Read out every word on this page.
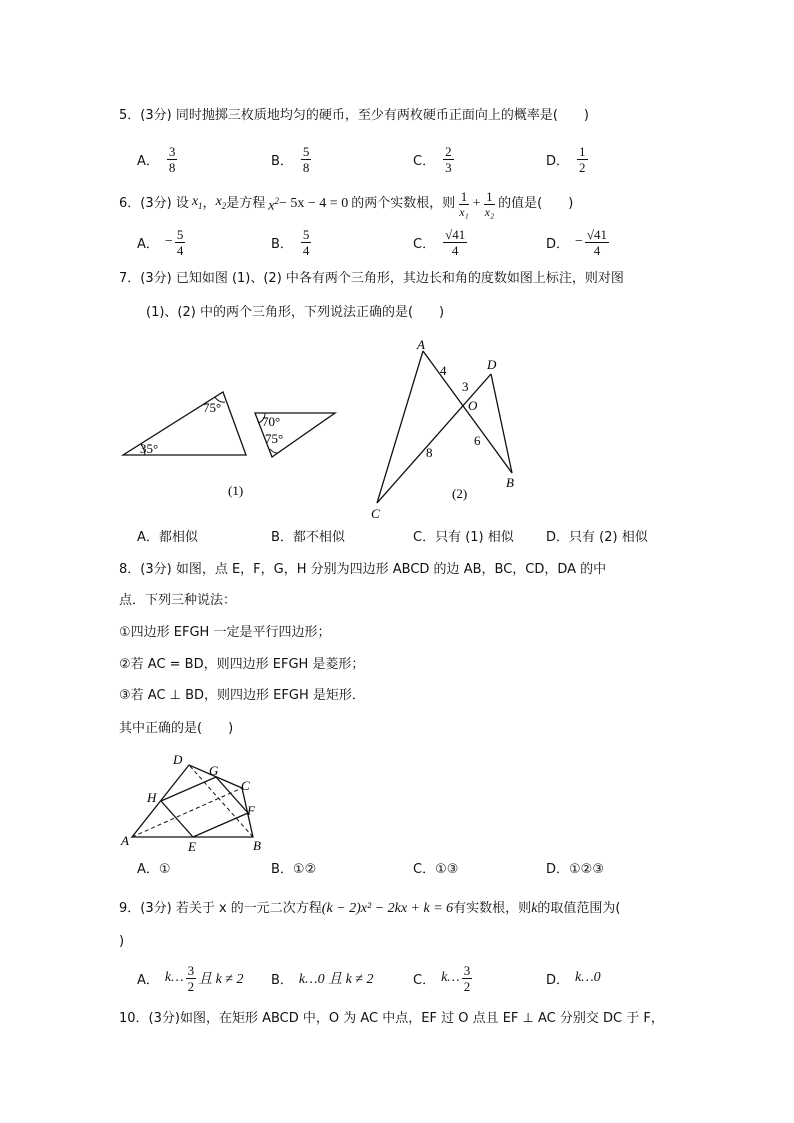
5．(3分) 同时抛掷三枚质地均匀的硬币，至少有两枚硬币正面向上的概率是(　　)
A． $\frac{3}{8}$	B． $\frac{5}{8}$	C． $\frac{2}{3}$	D． $\frac{1}{2}$
6．(3分) 设 $x_1$ ， $x_2$ 是方程 $x^2 - 5x - 4 = 0$ 的两个实数根，则 $\frac{1}{\text{x₁}} + \frac{1}{\text{x₂}}$ 的值是(　　)
A． − $\frac{5}{4}$	B． $\frac{5}{4}$	C． $\frac{√41}{4}$	D． − $\frac{√41}{4}$
7．(3分) 已知如图 (1)、(2) 中各有两个三角形，其边长和角的度数如图上标注，则对图
(1)、(2) 中的两个三角形，下列说法正确的是(　　)
75°
35°
70°
75°
(1)
A
D
O
B
C
4
3
8
6
(2)
A．都相似	B．都不相似	C．只有 (1) 相似 D．只有 (2) 相似
8．(3分) 如图，点 E，F，G，H 分别为四边形 ABCD 的边 AB，BC，CD，DA 的中
点．下列三种说法：
①四边形 EFGH 一定是平行四边形；
②若 AC = BD，则四边形 EFGH 是菱形；
③若 AC ⊥ BD，则四边形 EFGH 是矩形．
其中正确的是(　　)
A	B
C
D
E
F
G
H
A．①	B．①②	C．①③	D．①②③
9．(3分) 若关于 x 的一元二次方程(k − 2)x² − 2kx + k = 6有实数根，则k的取值范围为(
)
A． k… $\frac{3}{2}$ 且 k ≠ 2 B． k…0 且 k ≠ 2	C． k… $\frac{3}{2}$	D． k…0
10．(3分)如图，在矩形 ABCD 中，O 为 AC 中点，EF 过 O 点且 EF ⊥ AC 分别交 DC 于 F，
